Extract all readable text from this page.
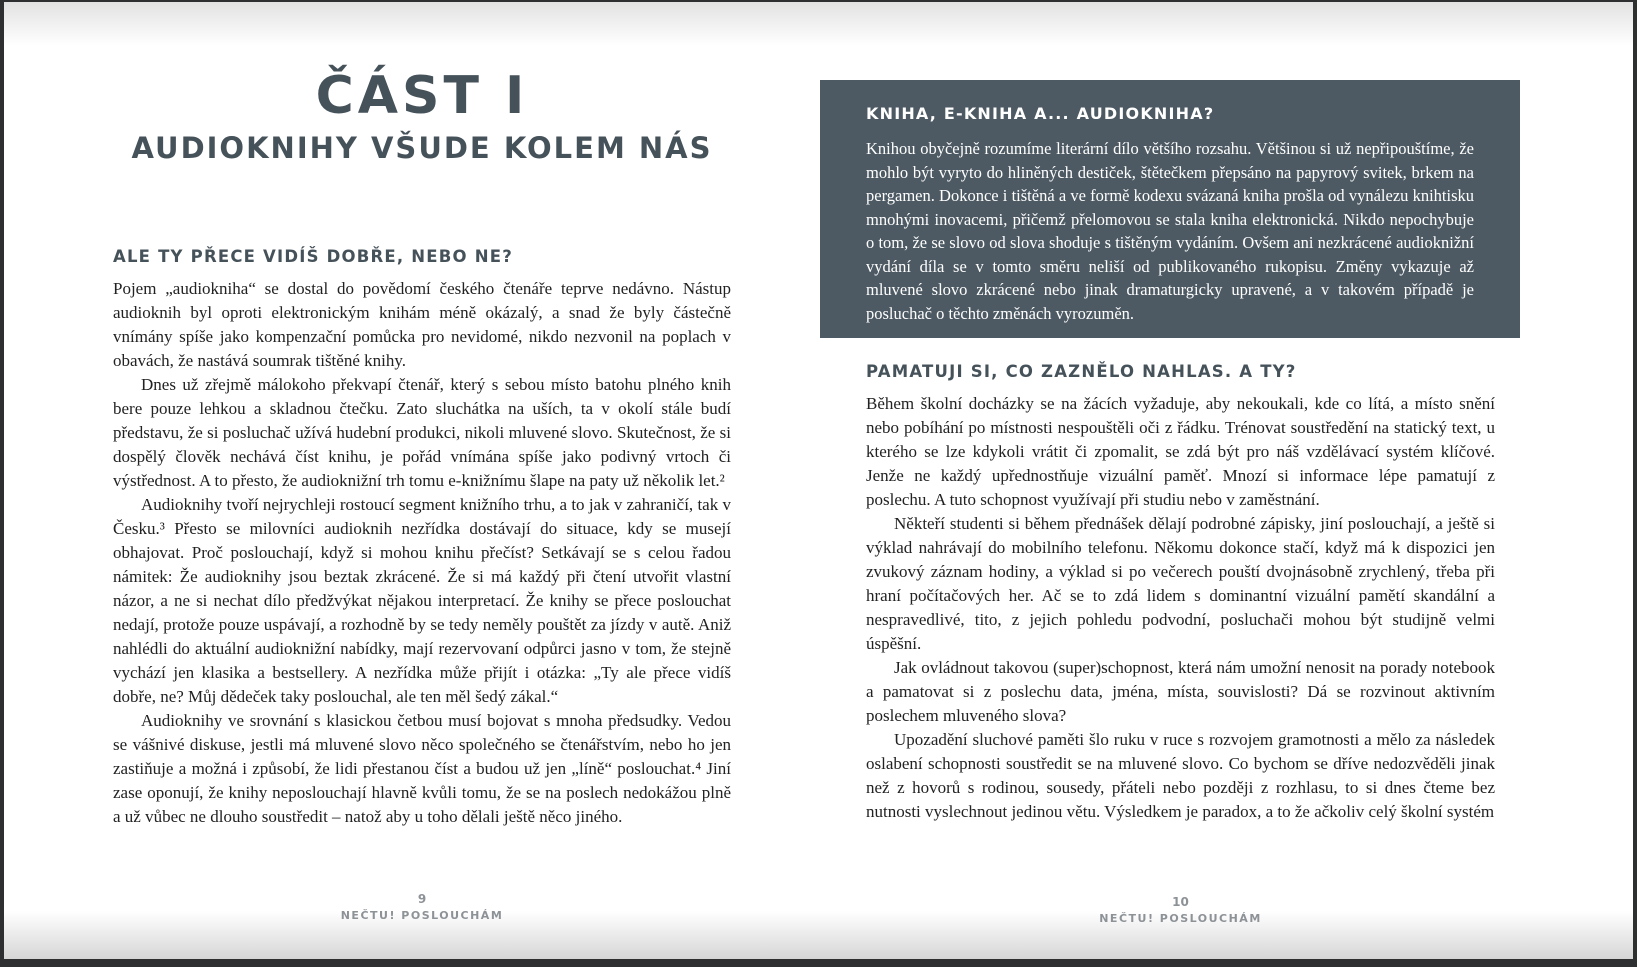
ČÁST I
AUDIOKNIHY VŠUDE KOLEM NÁS
ALE TY PŘECE VIDÍŠ DOBŘE, NEBO NE?

Pojem „audiokniha“ se dostal do povědomí českého čtenáře teprve nedávno. Nástup audioknih byl oproti elektronickým knihám méně okázalý, a snad že byly částečně vnímány spíše jako kompenzační pomůcka pro nevidomé, nikdo nezvonil na poplach v obavách, že nastává soumrak tištěné knihy.

Dnes už zřejmě málokoho překvapí čtenář, který s sebou místo batohu plného knih bere pouze lehkou a skladnou čtečku. Zato sluchátka na uších, ta v okolí stále budí představu, že si posluchač užívá hudební produkci, nikoli mluvené slovo. Skutečnost, že si dospělý člověk nechává číst knihu, je pořád vnímána spíše jako podivný vrtoch či výstřednost. A to přesto, že audioknižní trh tomu e-knižnímu šlape na paty už několik let.²

Audioknihy tvoří nejrychleji rostoucí segment knižního trhu, a to jak v zahraničí, tak v Česku.³ Přesto se milovníci audioknih nezřídka dostávají do situace, kdy se musejí obhajovat. Proč poslouchají, když si mohou knihu přečíst? Setkávají se s celou řadou námitek: Že audioknihy jsou beztak zkrácené. Že si má každý při čtení utvořit vlastní názor, a ne si nechat dílo předžvýkat nějakou interpretací. Že knihy se přece poslouchat nedají, protože pouze uspávají, a rozhodně by se tedy neměly pouštět za jízdy v autě. Aniž nahlédli do aktuální audioknižní nabídky, mají rezervovaní odpůrci jasno v tom, že stejně vychází jen klasika a bestsellery. A nezřídka může přijít i otázka: „Ty ale přece vidíš dobře, ne? Můj dědeček taky poslouchal, ale ten měl šedý zákal.“

Audioknihy ve srovnání s klasickou četbou musí bojovat s mnoha předsudky. Vedou se vášnivé diskuse, jestli má mluvené slovo něco společného se čtenářstvím, nebo ho jen zastiňuje a možná i způsobí, že lidi přestanou číst a budou už jen „líně“ poslouchat.⁴ Jiní zase oponují, že knihy neposlouchají hlavně kvůli tomu, že se na poslech nedokážou plně a už vůbec ne dlouho soustředit – natož aby u toho dělali ještě něco jiného.

9
NEČTU! POSLOUCHÁM
KNIHA, E-KNIHA A... AUDIOKNIHA?
Knihou obyčejně rozumíme literární dílo většího rozsahu. Většinou si už nepřipouštíme, že mohlo být vyryto do hliněných destiček, štětečkem přepsáno na papyrový svitek, brkem na pergamen. Dokonce i tištěná a ve formě kodexu svázaná kniha prošla od vynálezu knihtisku mnohými inovacemi, přičemž přelomovou se stala kniha elektronická. Nikdo nepochybuje o tom, že se slovo od slova shoduje s tištěným vydáním. Ovšem ani nezkrácené audioknižní vydání díla se v tomto směru neliší od publikovaného rukopisu. Změny vykazuje až mluvené slovo zkrácené nebo jinak dramaturgicky upravené, a v takovém případě je posluchač o těchto změnách vyrozuměn.
PAMATUJI SI, CO ZAZNĚLO NAHLAS. A TY?

Během školní docházky se na žácích vyžaduje, aby nekoukali, kde co lítá, a místo snění nebo pobíhání po místnosti nespouštěli oči z řádku. Trénovat soustředění na statický text, u kterého se lze kdykoli vrátit či zpomalit, se zdá být pro náš vzdělávací systém klíčové. Jenže ne každý upřednostňuje vizuální paměť. Mnozí si informace lépe pamatují z poslechu. A tuto schopnost využívají při studiu nebo v zaměstnání.

Někteří studenti si během přednášek dělají podrobné zápisky, jiní poslouchají, a ještě si výklad nahrávají do mobilního telefonu. Někomu dokonce stačí, když má k dispozici jen zvukový záznam hodiny, a výklad si po večerech pouští dvojnásobně zrychlený, třeba při hraní počítačových her. Ač se to zdá lidem s dominantní vizuální pamětí skandální a nespravedlivé, tito, z jejich pohledu podvodní, posluchači mohou být studijně velmi úspěšní.

Jak ovládnout takovou (super)schopnost, která nám umožní nenosit na porady notebook a pamatovat si z poslechu data, jména, místa, souvislosti? Dá se rozvinout aktivním poslechem mluveného slova?

Upozadění sluchové paměti šlo ruku v ruce s rozvojem gramotnosti a mělo za následek oslabení schopnosti soustředit se na mluvené slovo. Co bychom se dříve nedozvěděli jinak než z hovorů s rodinou, sousedy, přáteli nebo později z rozhlasu, to si dnes čteme bez nutnosti vyslechnout jedinou větu. Výsledkem je paradox, a to že ačkoliv celý školní systém

10
NEČTU! POSLOUCHÁM
